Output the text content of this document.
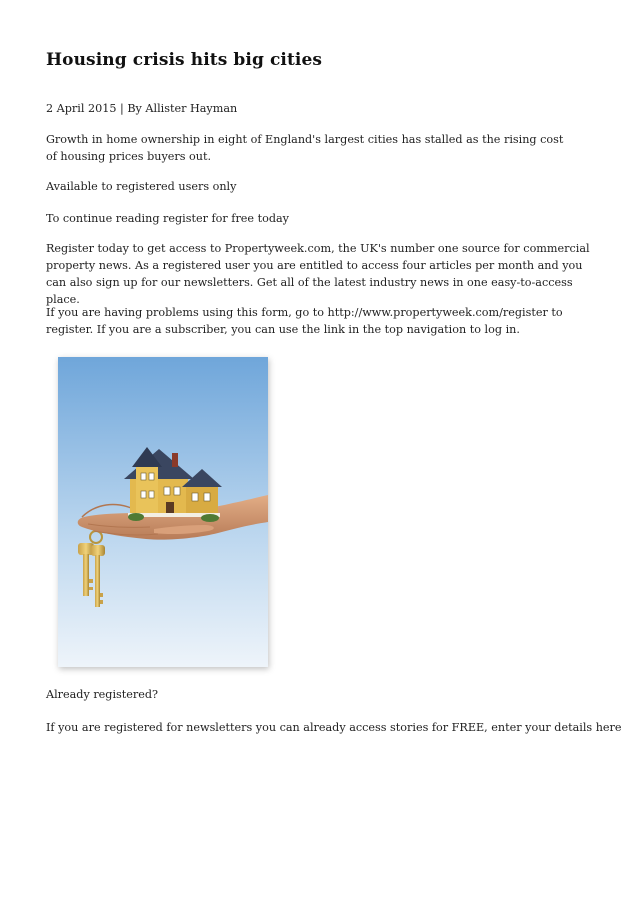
Housing crisis hits big cities

2 April 2015 | By Allister Hayman

Growth in home ownership in eight of England's largest cities has stalled as the rising cost of housing prices buyers out.

Available to registered users only

To continue reading register for free today

Register today to get access to Propertyweek.com, the UK's number one source for commercial property news. As a registered user you are entitled to access four articles per month and you can also sign up for our newsletters. Get all of the latest industry news in one easy-to-access place.

If you are having problems using this form, go to http://www.propertyweek.com/register to register. If you are a subscriber, you can use the link in the top navigation to log in.

Already registered?

If you are registered for newsletters you can already access stories for FREE, enter your details here
